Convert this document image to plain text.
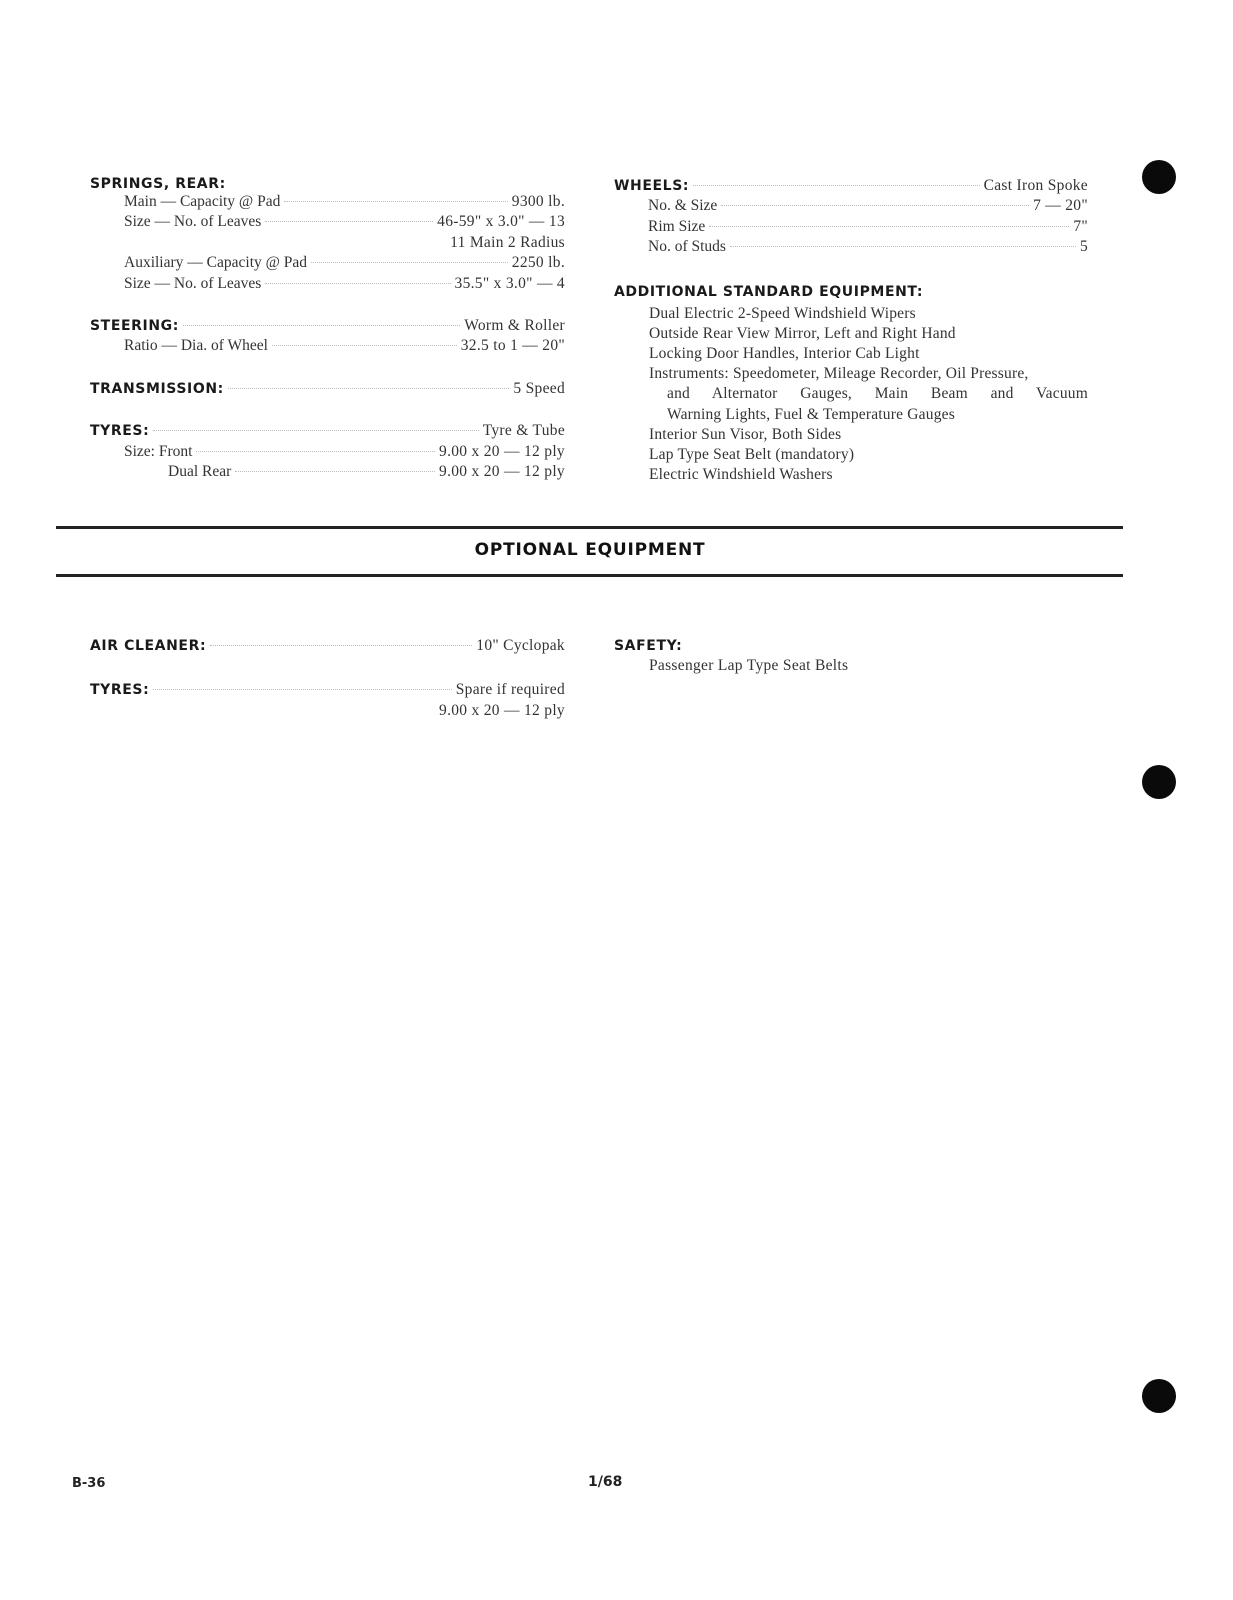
SPRINGS, REAR:
Main — Capacity @ Pad	9300 lb.
Size — No. of Leaves	46-59" x 3.0" — 13
11 Main 2 Radius
Auxiliary — Capacity @ Pad	2250 lb.
Size — No. of Leaves	35.5" x 3.0" — 4
STEERING:	Worm & Roller
Ratio — Dia. of Wheel	32.5 to 1 — 20"
TRANSMISSION:	5 Speed
TYRES:	Tyre & Tube
Size: Front	9.00 x 20 — 12 ply
Dual Rear	9.00 x 20 — 12 ply
WHEELS:	Cast Iron Spoke
No. & Size	7 — 20"
Rim Size	7"
No. of Studs	5
ADDITIONAL STANDARD EQUIPMENT:
Dual Electric 2-Speed Windshield Wipers
Outside Rear View Mirror, Left and Right Hand
Locking Door Handles, Interior Cab Light
Instruments: Speedometer, Mileage Recorder, Oil Pressure,
and Alternator Gauges, Main Beam and Vacuum
Warning Lights, Fuel & Temperature Gauges
Interior Sun Visor, Both Sides
Lap Type Seat Belt (mandatory)
Electric Windshield Washers
OPTIONAL EQUIPMENT
AIR CLEANER:	10" Cyclopak
TYRES:	Spare if required
9.00 x 20 — 12 ply
SAFETY:
Passenger Lap Type Seat Belts
B-36	1/68
